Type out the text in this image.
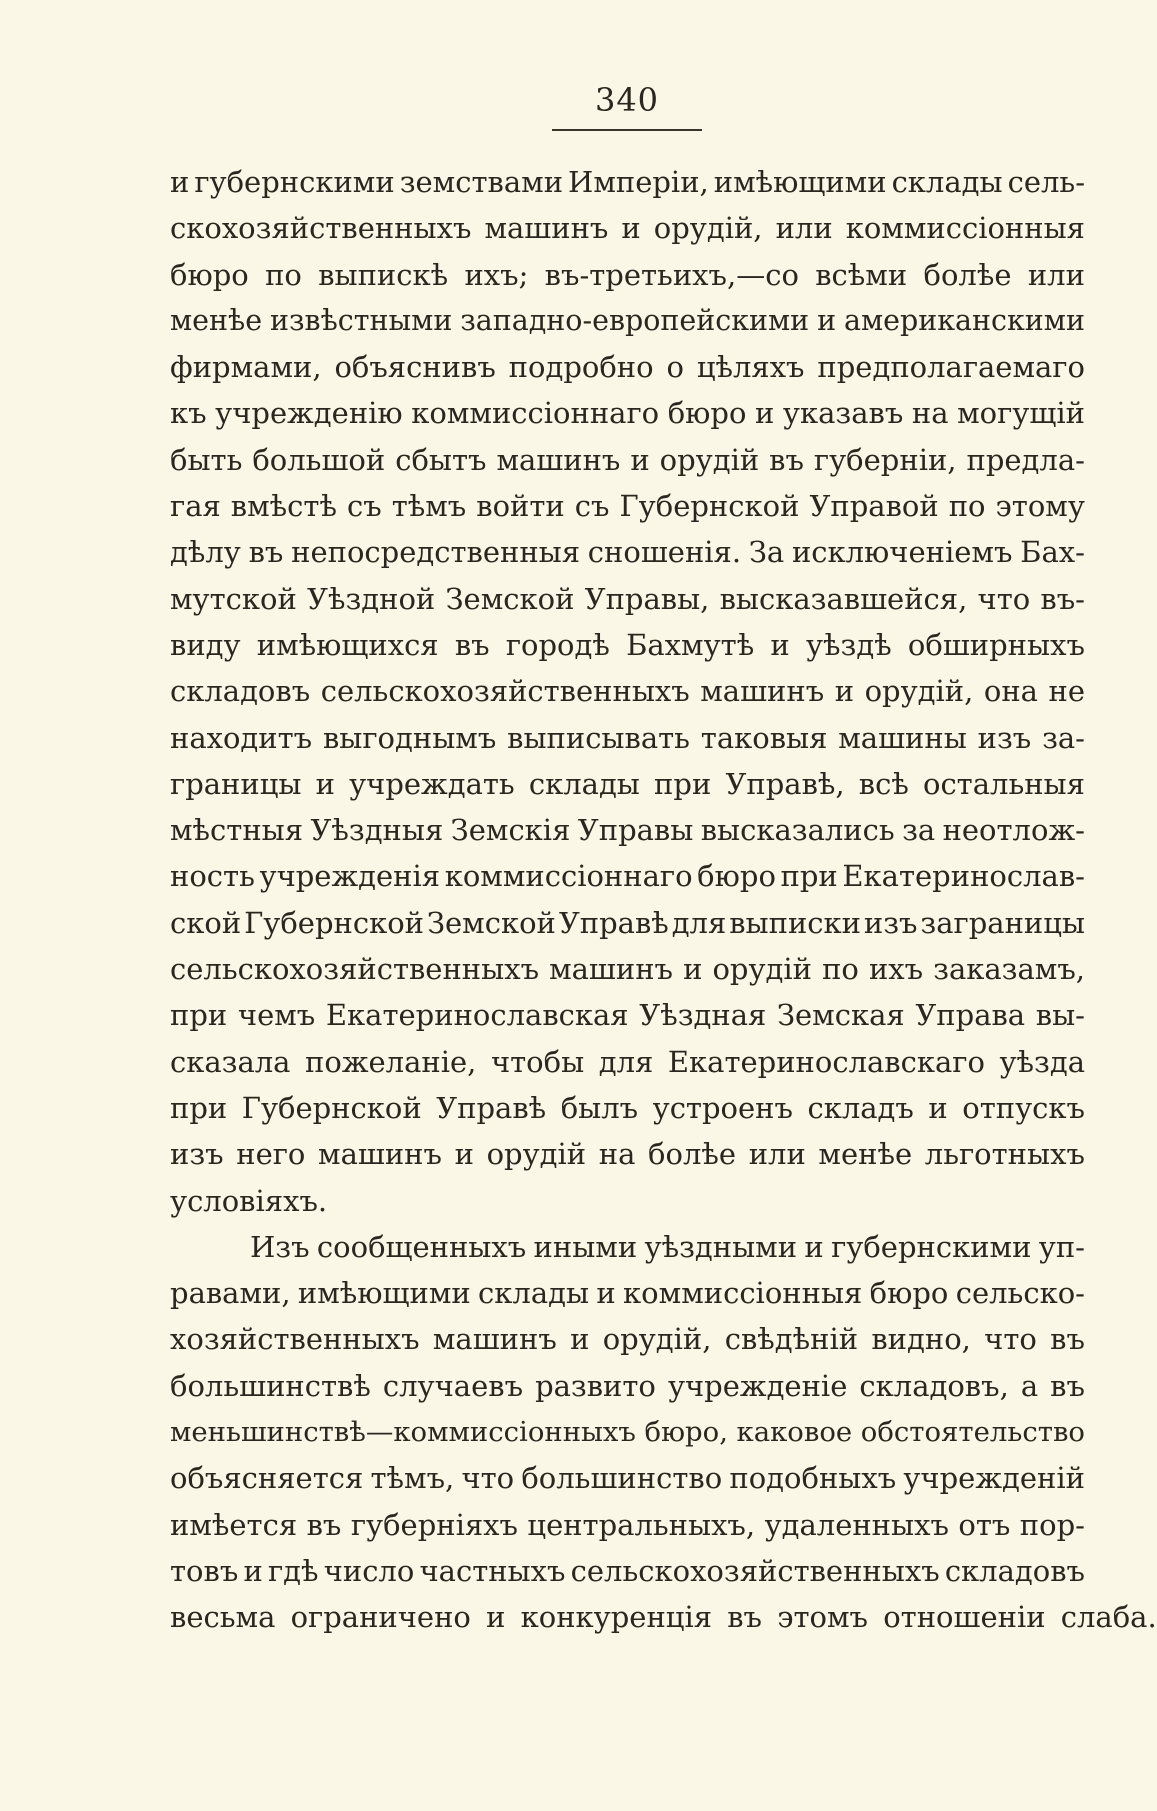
340
и губернскими земствами Имперіи, имѣющими склады сель-
скохозяйственныхъ машинъ и орудій, или коммиссіонныя
бюро по выпискѣ ихъ; въ-третьихъ,—со всѣми болѣе или
менѣе извѣстными западно-европейскими и американскими
фирмами, объяснивъ подробно о цѣляхъ предполагаемаго
къ учрежденію коммиссіоннаго бюро и указавъ на могущій
быть большой сбытъ машинъ и орудій въ губерніи, предла-
гая вмѣстѣ съ тѣмъ войти съ Губернской Управой по этому
дѣлу въ непосредственныя сношенія. За исключеніемъ Бах-
мутской Уѣздной Земской Управы, высказавшейся, что въ-
виду имѣющихся въ городѣ Бахмутѣ и уѣздѣ обширныхъ
складовъ сельскохозяйственныхъ машинъ и орудій, она не
находитъ выгоднымъ выписывать таковыя машины изъ за-
границы и учреждать склады при Управѣ, всѣ остальныя
мѣстныя Уѣздныя Земскія Управы высказались за неотлож-
ность учрежденія коммиссіоннаго бюро при Екатеринослав-
ской Губернской Земской Управѣ для выписки изъ заграницы
сельскохозяйственныхъ машинъ и орудій по ихъ заказамъ,
при чемъ Екатеринославская Уѣздная Земская Управа вы-
сказала пожеланіе, чтобы для Екатеринославскаго уѣзда
при Губернской Управѣ былъ устроенъ складъ и отпускъ
изъ него машинъ и орудій на болѣе или менѣе льготныхъ
условіяхъ.
Изъ сообщенныхъ иными уѣздными и губернскими уп-
равами, имѣющими склады и коммиссіонныя бюро сельско-
хозяйственныхъ машинъ и орудій, свѣдѣній видно, что въ
большинствѣ случаевъ развито учрежденіе складовъ, а въ
меньшинствѣ—коммиссіонныхъ бюро, каковое обстоятельство
объясняется тѣмъ, что большинство подобныхъ учрежденій
имѣется въ губерніяхъ центральныхъ, удаленныхъ отъ пор-
товъ и гдѣ число частныхъ сельскохозяйственныхъ складовъ
весьма ограничено и конкуренція въ этомъ отношеніи слаба.
